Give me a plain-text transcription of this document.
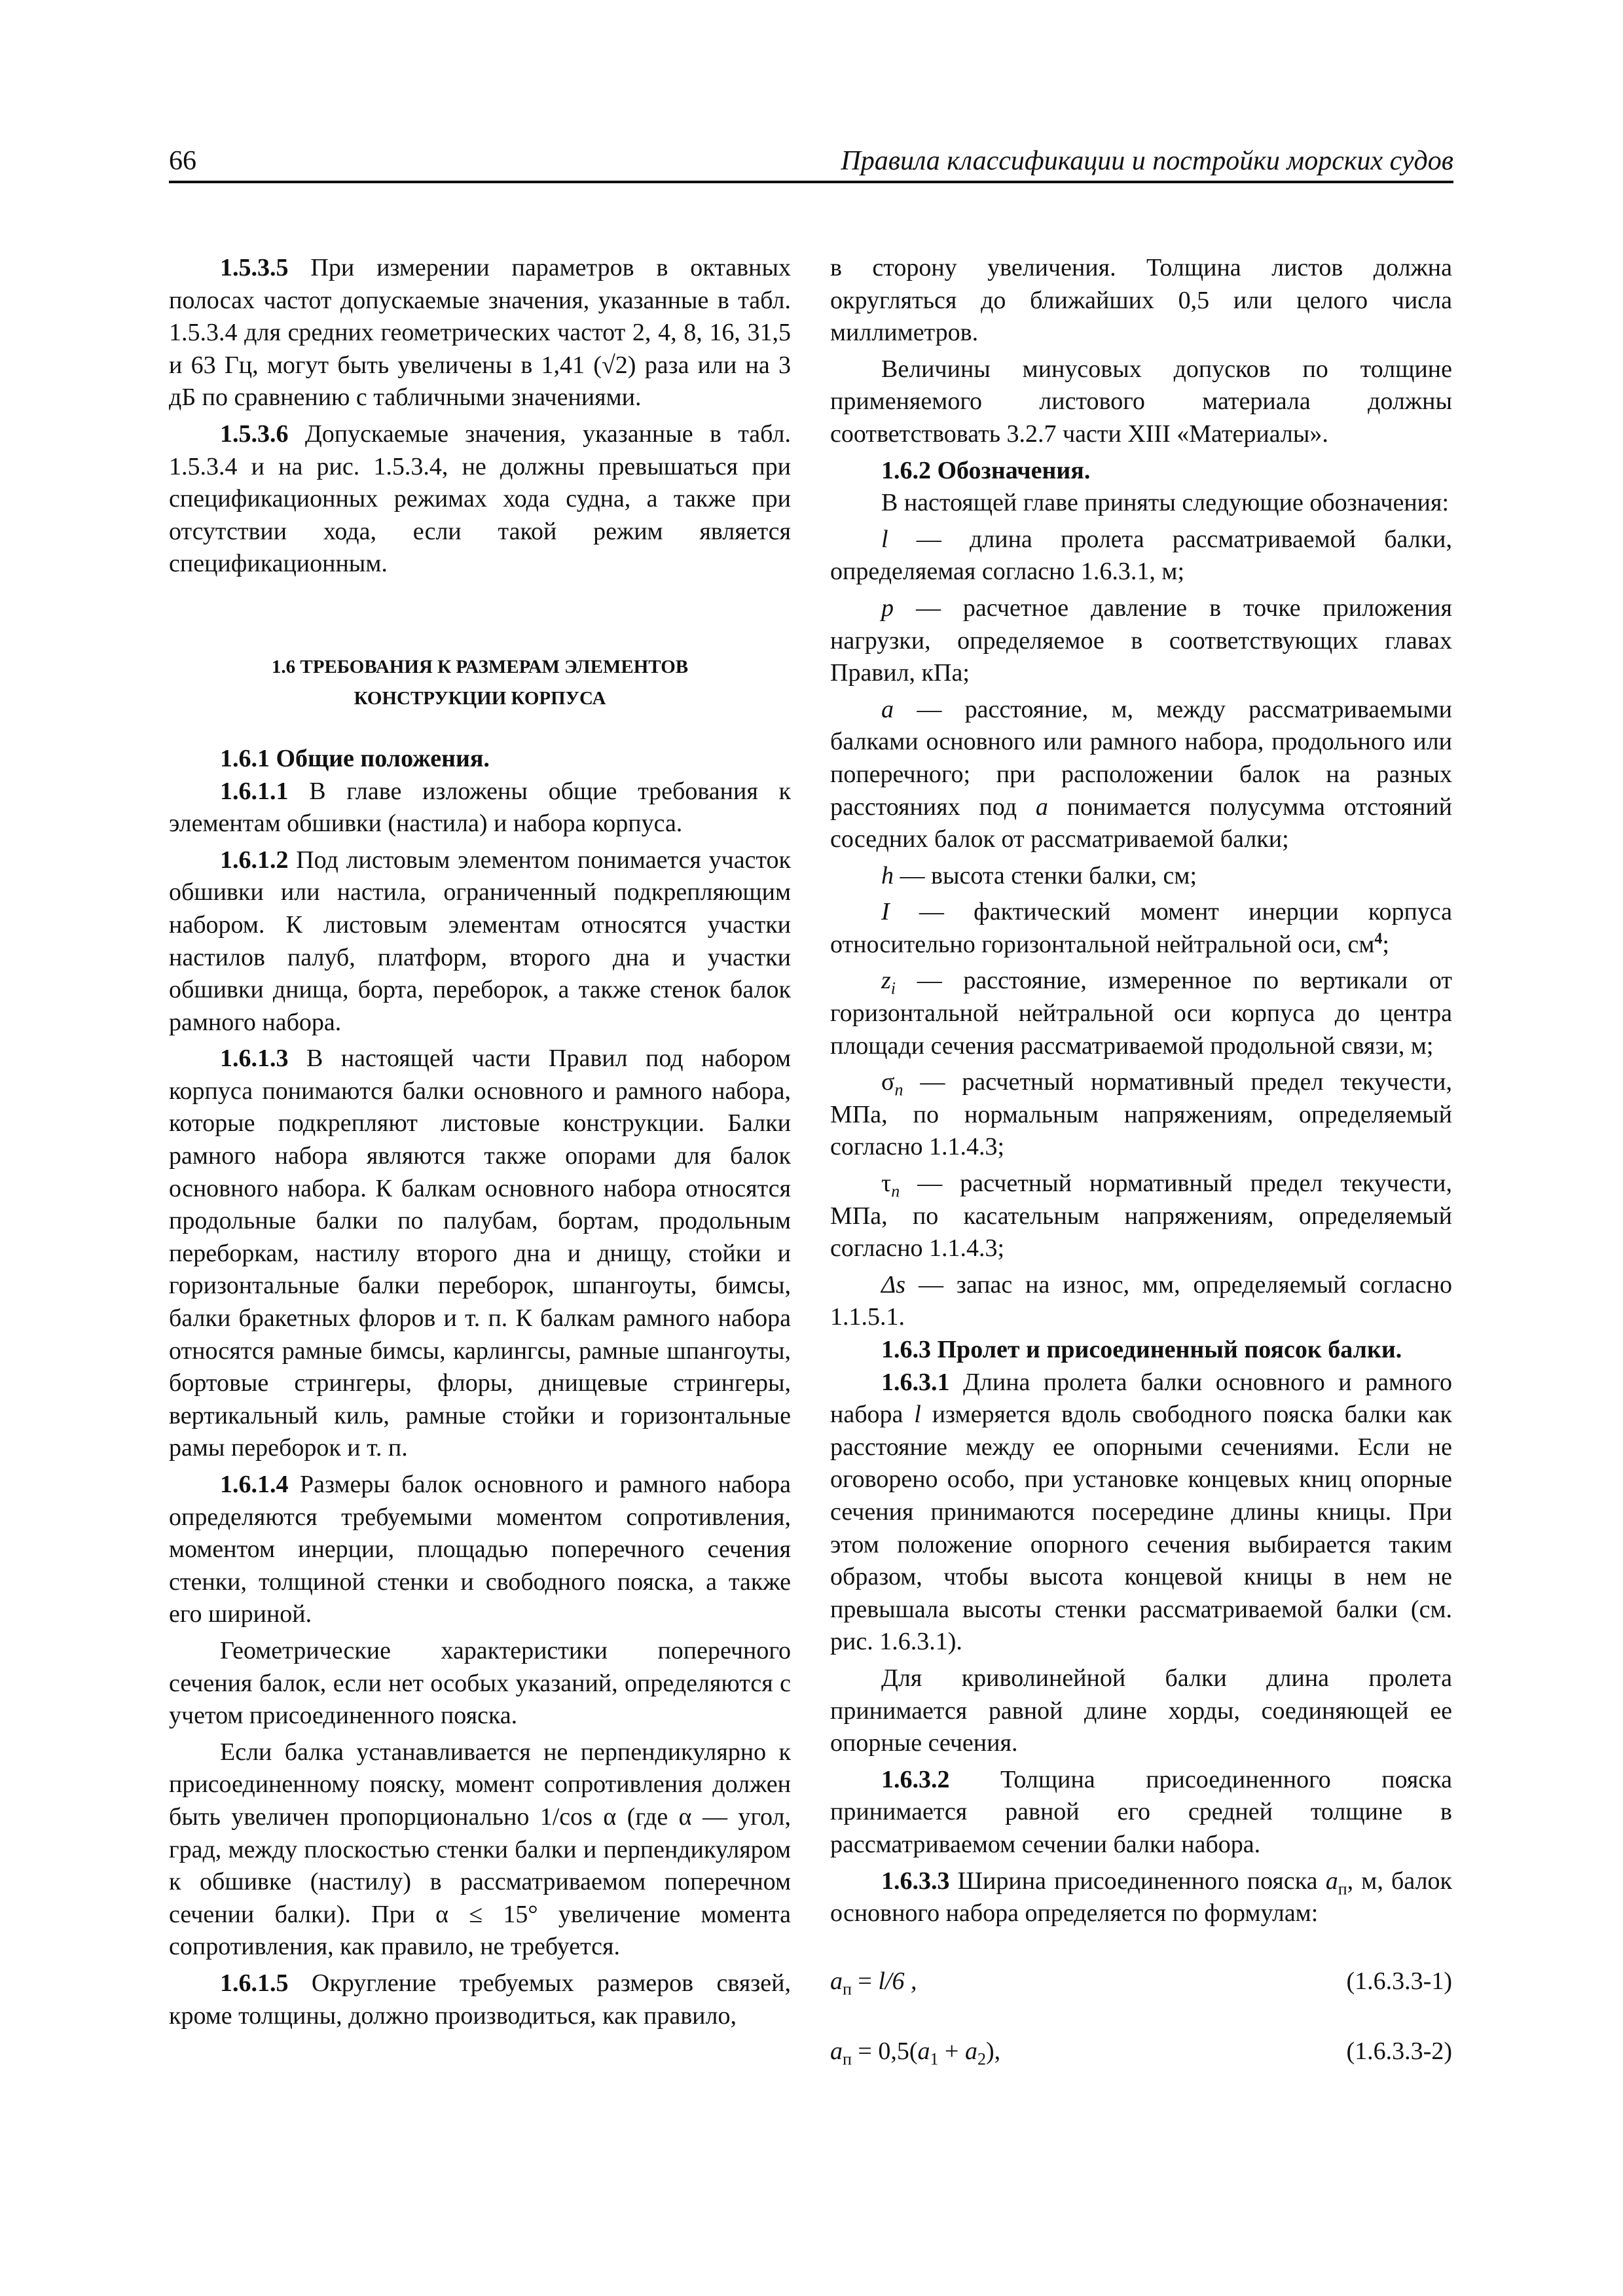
66	Правила классификации и постройки морских судов

1.5.3.5 При измерении параметров в октавных полосах частот допускаемые значения, указанные в табл. 1.5.3.4 для средних геометрических частот 2, 4, 8, 16, 31,5 и 63 Гц, могут быть увеличены в 1,41 (√2) раза или на 3 дБ по сравнению с табличными значениями.

1.5.3.6 Допускаемые значения, указанные в табл. 1.5.3.4 и на рис. 1.5.3.4, не должны превышаться при спецификационных режимах хода судна, а также при отсутствии хода, если такой режим является спецификационным.

1.6 ТРЕБОВАНИЯ К РАЗМЕРАМ ЭЛЕМЕНТОВ
КОНСТРУКЦИИ КОРПУСА

1.6.1 Общие положения.

1.6.1.1 В главе изложены общие требования к элементам обшивки (настила) и набора корпуса.

1.6.1.2 Под листовым элементом понимается участок обшивки или настила, ограниченный подкрепляющим набором. К листовым элементам относятся участки настилов палуб, платформ, второго дна и участки обшивки днища, борта, переборок, а также стенок балок рамного набора.

1.6.1.3 В настоящей части Правил под набором корпуса понимаются балки основного и рамного набора, которые подкрепляют листовые конструкции. Балки рамного набора являются также опорами для балок основного набора. К балкам основного набора относятся продольные балки по палубам, бортам, продольным переборкам, настилу второго дна и днищу, стойки и горизонтальные балки переборок, шпангоуты, бимсы, балки бракетных флоров и т. п. К балкам рамного набора относятся рамные бимсы, карлингсы, рамные шпангоуты, бортовые стрингеры, флоры, днищевые стрингеры, вертикальный киль, рамные стойки и горизонтальные рамы переборок и т. п.

1.6.1.4 Размеры балок основного и рамного набора определяются требуемыми моментом сопротивления, моментом инерции, площадью поперечного сечения стенки, толщиной стенки и свободного пояска, а также его шириной.

Геометрические характеристики поперечного сечения балок, если нет особых указаний, определяются с учетом присоединенного пояска.

Если балка устанавливается не перпендикулярно к присоединенному пояску, момент сопротивления должен быть увеличен пропорционально 1/cos α (где α — угол, град, между плоскостью стенки балки и перпендикуляром к обшивке (настилу) в рассматриваемом поперечном сечении балки). При α ≤ 15° увеличение момента сопротивления, как правило, не требуется.

1.6.1.5 Округление требуемых размеров связей, кроме толщины, должно производиться, как правило,

в сторону увеличения. Толщина листов должна округляться до ближайших 0,5 или целого числа миллиметров.

Величины минусовых допусков по толщине применяемого листового материала должны соответствовать 3.2.7 части XIII «Материалы».

1.6.2 Обозначения.

В настоящей главе приняты следующие обозначения:

l — длина пролета рассматриваемой балки, определяемая согласно 1.6.3.1, м;

p — расчетное давление в точке приложения нагрузки, определяемое в соответствующих главах Правил, кПа;

a — расстояние, м, между рассматриваемыми балками основного или рамного набора, продольного или поперечного; при расположении балок на разных расстояниях под a понимается полусумма отстояний соседних балок от рассматриваемой балки;

h — высота стенки балки, см;

I — фактический момент инерции корпуса относительно горизонтальной нейтральной оси, $см^4$;

$z_i$ — расстояние, измеренное по вертикали от горизонтальной нейтральной оси корпуса до центра площади сечения рассматриваемой продольной связи, м;

$\sigma_n$ — расчетный нормативный предел текучести, МПа, по нормальным напряжениям, определяемый согласно 1.1.4.3;

$\tau_n$ — расчетный нормативный предел текучести, МПа, по касательным напряжениям, определяемый согласно 1.1.4.3;

Δs — запас на износ, мм, определяемый согласно 1.1.5.1.

1.6.3 Пролет и присоединенный поясок балки.

1.6.3.1 Длина пролета балки основного и рамного набора l измеряется вдоль свободного пояска балки как расстояние между ее опорными сечениями. Если не оговорено особо, при установке концевых книц опорные сечения принимаются посередине длины кницы. При этом положение опорного сечения выбирается таким образом, чтобы высота концевой кницы в нем не превышала высоты стенки рассматриваемой балки (см. рис. 1.6.3.1).

Для криволинейной балки длина пролета принимается равной длине хорды, соединяющей ее опорные сечения.

1.6.3.2 Толщина присоединенного пояска принимается равной его средней толщине в рассматриваемом сечении балки набора.

1.6.3.3 Ширина присоединенного пояска $a_п$, м, балок основного набора определяется по формулам:

$a_п = l/6$ ,	(1.6.3.3-1)

$a_п = 0,5(a_1 + a_2)$,	(1.6.3.3-2)
